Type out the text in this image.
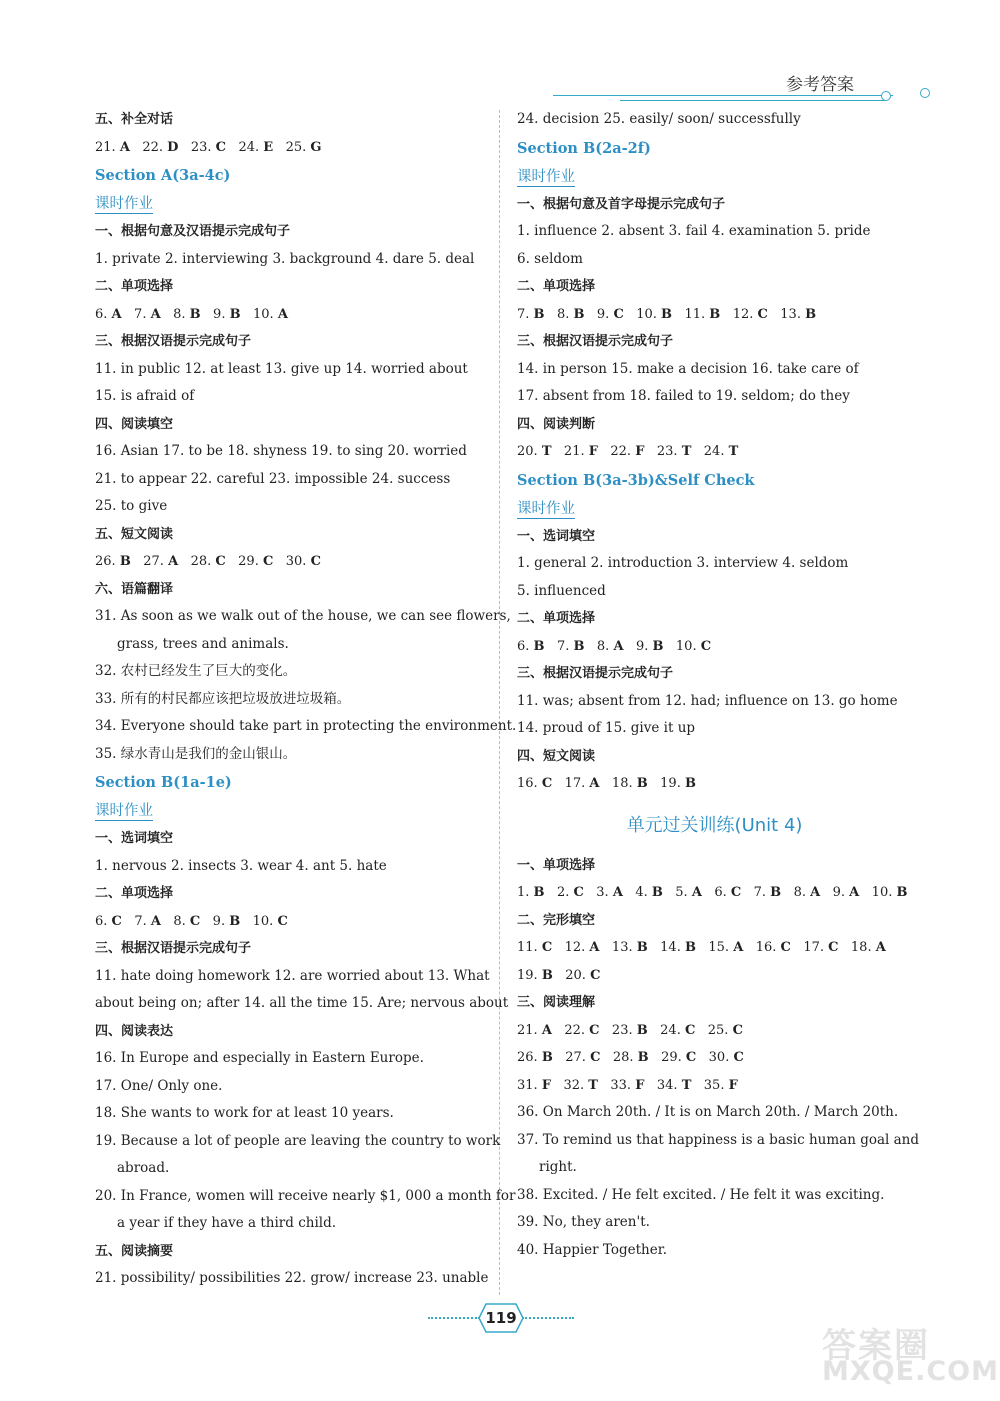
参考答案
五、补全对话
21. A 22. D 23. C 24. E 25. G
Section A(3a-4c)
课时作业
一、根据句意及汉语提示完成句子
1. private 2. interviewing 3. background 4. dare 5. deal
二、单项选择
6. A 7. A 8. B 9. B 10. A
三、根据汉语提示完成句子
11. in public 12. at least 13. give up 14. worried about
15. is afraid of
四、阅读填空
16. Asian 17. to be 18. shyness 19. to sing 20. worried
21. to appear 22. careful 23. impossible 24. success
25. to give
五、短文阅读
26. B 27. A 28. C 29. C 30. C
六、语篇翻译
31. As soon as we walk out of the house, we can see flowers,
grass, trees and animals.
32. 农村已经发生了巨大的变化。
33. 所有的村民都应该把垃圾放进垃圾箱。
34. Everyone should take part in protecting the environment.
35. 绿水青山是我们的金山银山。
Section B(1a-1e)
课时作业
一、选词填空
1. nervous 2. insects 3. wear 4. ant 5. hate
二、单项选择
6. C 7. A 8. C 9. B 10. C
三、根据汉语提示完成句子
11. hate doing homework 12. are worried about 13. What
about being on; after 14. all the time 15. Are; nervous about
四、阅读表达
16. In Europe and especially in Eastern Europe.
17. One/ Only one.
18. She wants to work for at least 10 years.
19. Because a lot of people are leaving the country to work
abroad.
20. In France, women will receive nearly $1, 000 a month for
a year if they have a third child.
五、阅读摘要
21. possibility/ possibilities 22. grow/ increase 23. unable
24. decision 25. easily/ soon/ successfully
Section B(2a-2f)
课时作业
一、根据句意及首字母提示完成句子
1. influence 2. absent 3. fail 4. examination 5. pride
6. seldom
二、单项选择
7. B 8. B 9. C 10. B 11. B 12. C 13. B
三、根据汉语提示完成句子
14. in person 15. make a decision 16. take care of
17. absent from 18. failed to 19. seldom; do they
四、阅读判断
20. T 21. F 22. F 23. T 24. T
Section B(3a-3b)&Self Check
课时作业
一、选词填空
1. general 2. introduction 3. interview 4. seldom
5. influenced
二、单项选择
6. B 7. B 8. A 9. B 10. C
三、根据汉语提示完成句子
11. was; absent from 12. had; influence on 13. go home
14. proud of 15. give it up
四、短文阅读
16. C 17. A 18. B 19. B
单元过关训练(Unit 4)
一、单项选择
1. B 2. C 3. A 4. B 5. A 6. C 7. B 8. A 9. A 10. B
二、完形填空
11. C 12. A 13. B 14. B 15. A 16. C 17. C 18. A
19. B 20. C
三、阅读理解
21. A 22. C 23. B 24. C 25. C
26. B 27. C 28. B 29. C 30. C
31. F 32. T 33. F 34. T 35. F
36. On March 20th. / It is on March 20th. / March 20th.
37. To remind us that happiness is a basic human goal and
right.
38. Excited. / He felt excited. / He felt it was exciting.
39. No, they aren't.
40. Happier Together.
119
答案圈
MXQE.COM
